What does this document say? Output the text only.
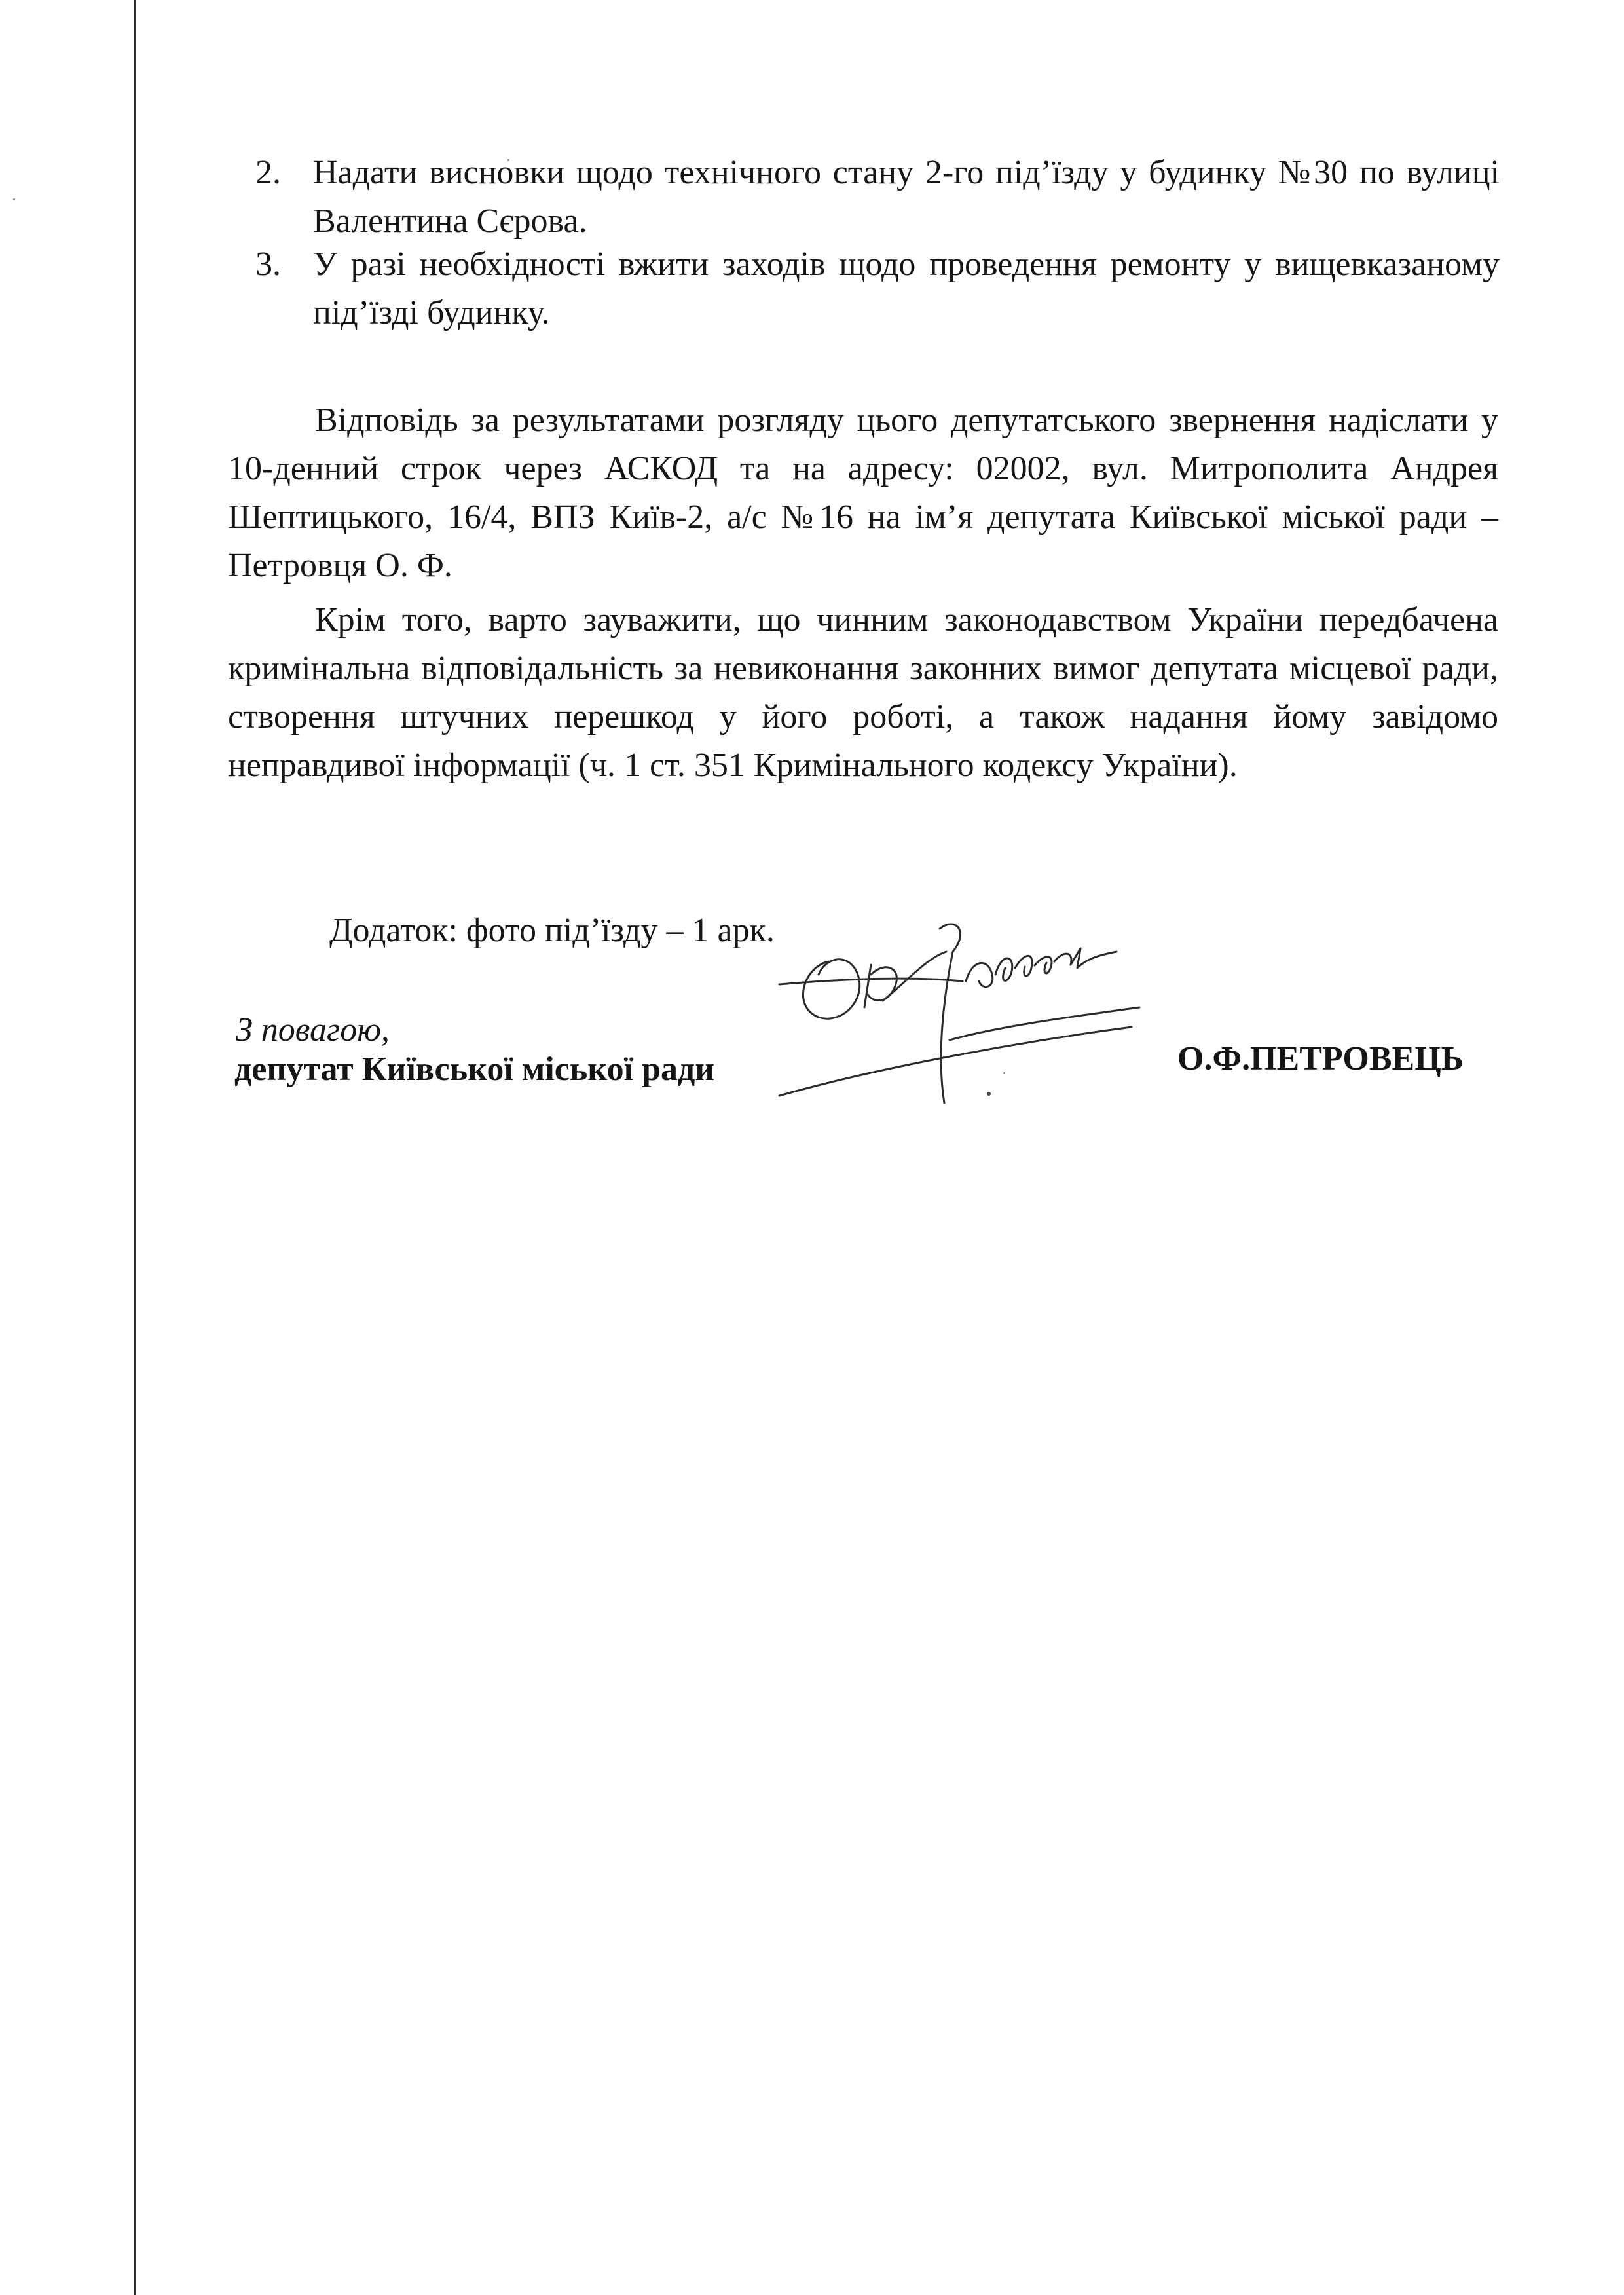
2. Надати висновки щодо технічного стану 2-го під’їзду у будинку №30 по вулиці Валентина Сєрова.
3. У разі необхідності вжити заходів щодо проведення ремонту у вищевказаному під’їзді будинку.
Відповідь за результатами розгляду цього депутатського звернення надіслати у 10-денний строк через АСКОД та на адресу: 02002, вул. Митрополита Андрея Шептицького, 16/4, ВПЗ Київ-2, а/с №16 на ім’я депутата Київської міської ради – Петровця О. Ф.
Крім того, варто зауважити, що чинним законодавством України передбачена кримінальна відповідальність за невиконання законних вимог депутата місцевої ради, створення штучних перешкод у його роботі, а також надання йому завідомо неправдивої інформації (ч. 1 ст. 351 Кримінального кодексу України).
Додаток: фото під’їзду – 1 арк.
З повагою,
депутат Київської міської ради	О.Ф.ПЕТРОВЕЦЬ
